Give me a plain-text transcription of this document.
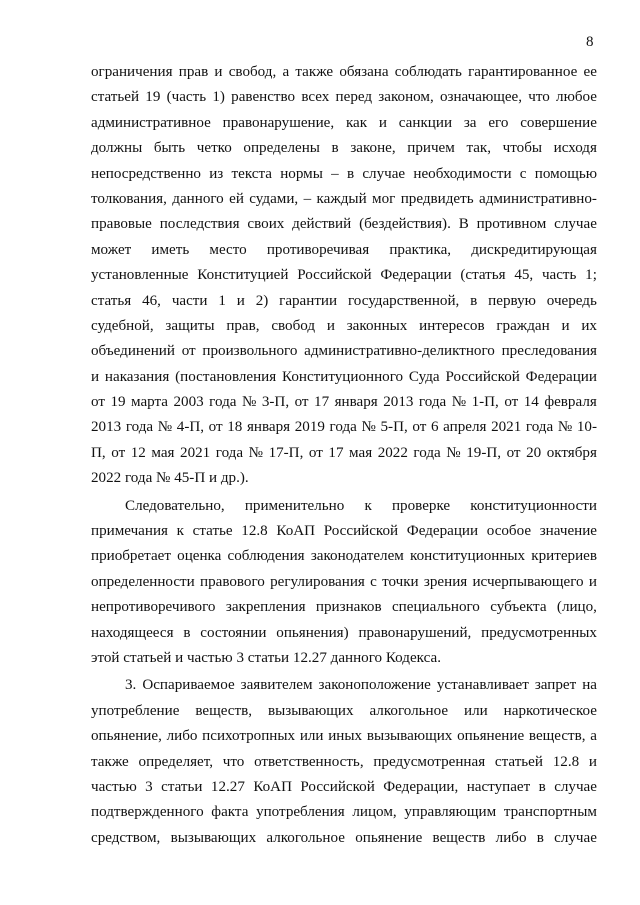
8
ограничения прав и свобод, а также обязана соблюдать гарантированное ее
статьей 19 (часть 1) равенство всех перед законом, означающее, что любое
административное правонарушение, как и санкции за его совершение
должны быть четко определены в законе, причем так, чтобы исходя
непосредственно из текста нормы – в случае необходимости с помощью
толкования, данного ей судами, – каждый мог предвидеть административно-
правовые последствия своих действий (бездействия). В противном случае
может иметь место противоречивая практика, дискредитирующая
установленные Конституцией Российской Федерации (статья 45, часть 1;
статья 46, части 1 и 2) гарантии государственной, в первую очередь
судебной, защиты прав, свобод и законных интересов граждан и их
объединений от произвольного административно-деликтного преследования
и наказания (постановления Конституционного Суда Российской Федерации
от 19 марта 2003 года № 3-П, от 17 января 2013 года № 1-П, от 14 февраля
2013 года № 4-П, от 18 января 2019 года № 5-П, от 6 апреля 2021 года № 10-
П, от 12 мая 2021 года № 17-П, от 17 мая 2022 года № 19-П, от 20 октября
2022 года № 45-П и др.).
Следовательно, применительно к проверке конституционности
примечания к статье 12.8 КоАП Российской Федерации особое значение
приобретает оценка соблюдения законодателем конституционных критериев
определенности правового регулирования с точки зрения исчерпывающего и
непротиворечивого закрепления признаков специального субъекта (лицо,
находящееся в состоянии опьянения) правонарушений, предусмотренных
этой статьей и частью 3 статьи 12.27 данного Кодекса.
3. Оспариваемое заявителем законоположение устанавливает запрет на
употребление веществ, вызывающих алкогольное или наркотическое
опьянение, либо психотропных или иных вызывающих опьянение веществ, а
также определяет, что ответственность, предусмотренная статьей 12.8 и
частью 3 статьи 12.27 КоАП Российской Федерации, наступает в случае
подтвержденного факта употребления лицом, управляющим транспортным
средством, вызывающих алкогольное опьянение веществ либо в случае
